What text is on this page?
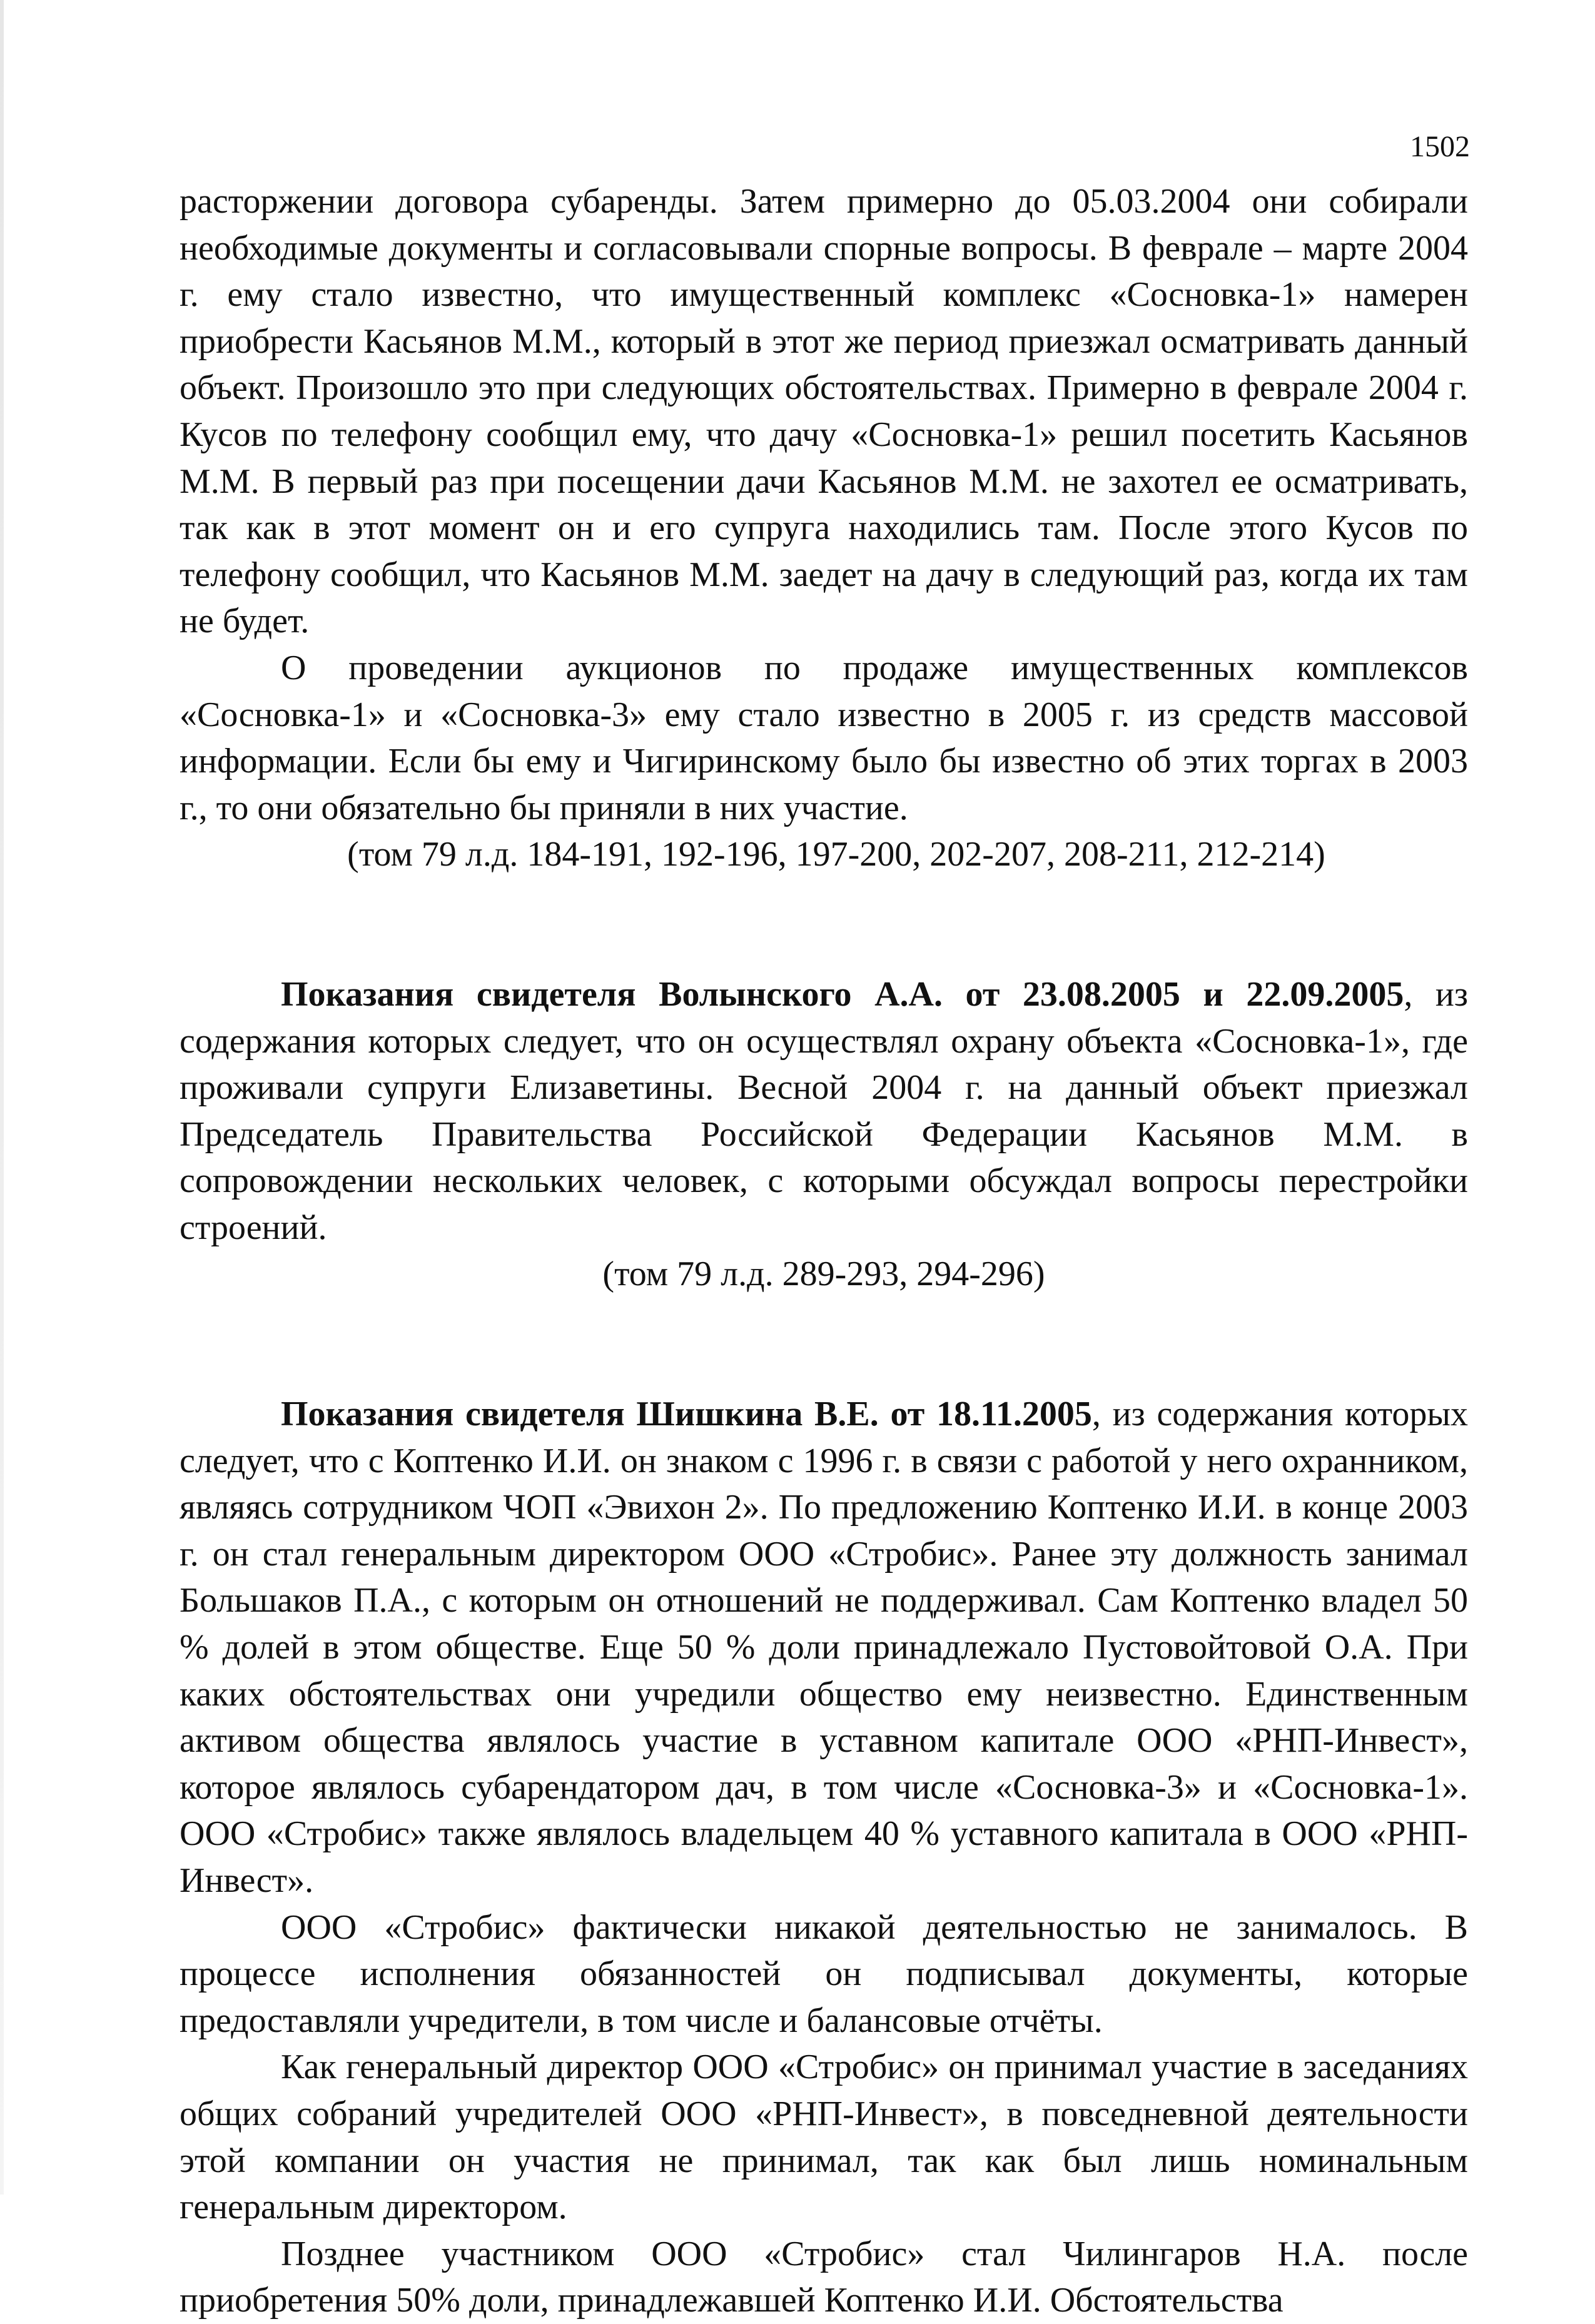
1502

расторжении договора субаренды. Затем примерно до 05.03.2004 они собирали необходимые документы и согласовывали спорные вопросы. В феврале – марте 2004 г. ему стало известно, что имущественный комплекс «Сосновка-1» намерен приобрести Касьянов М.М., который в этот же период приезжал осматривать данный объект. Произошло это при следующих обстоятельствах. Примерно в феврале 2004 г. Кусов по телефону сообщил ему, что дачу «Сосновка-1» решил посетить Касьянов М.М. В первый раз при посещении дачи Касьянов М.М. не захотел ее осматривать, так как в этот момент он и его супруга находились там. После этого Кусов по телефону сообщил, что Касьянов М.М. заедет на дачу в следующий раз, когда их там не будет.

О проведении аукционов по продаже имущественных комплексов «Сосновка-1» и «Сосновка-3» ему стало известно в 2005 г. из средств массовой информации. Если бы ему и Чигиринскому было бы известно об этих торгах в 2003 г., то они обязательно бы приняли в них участие.

(том 79 л.д. 184-191, 192-196, 197-200, 202-207, 208-211, 212-214)

Показания свидетеля Волынского А.А. от 23.08.2005 и 22.09.2005, из содержания которых следует, что он осуществлял охрану объекта «Сосновка-1», где проживали супруги Елизаветины. Весной 2004 г. на данный объект приезжал Председатель Правительства Российской Федерации Касьянов М.М. в сопровождении нескольких человек, с которыми обсуждал вопросы перестройки строений.

(том 79 л.д. 289-293, 294-296)

Показания свидетеля Шишкина В.Е. от 18.11.2005, из содержания которых следует, что с Коптенко И.И. он знаком с 1996 г. в связи с работой у него охранником, являясь сотрудником ЧОП «Эвихон 2». По предложению Коптенко И.И. в конце 2003 г. он стал генеральным директором ООО «Стробис». Ранее эту должность занимал Большаков П.А., с которым он отношений не поддерживал. Сам Коптенко владел 50 % долей в этом обществе. Еще 50 % доли принадлежало Пустовойтовой О.А. При каких обстоятельствах они учредили общество ему неизвестно. Единственным активом общества являлось участие в уставном капитале ООО «РНП-Инвест», которое являлось субарендатором дач, в том числе «Сосновка-3» и «Сосновка-1». ООО «Стробис» также являлось владельцем 40 % уставного капитала в ООО «РНП-Инвест».

ООО «Стробис» фактически никакой деятельностью не занималось. В процессе исполнения обязанностей он подписывал документы, которые предоставляли учредители, в том числе и балансовые отчёты.

Как генеральный директор ООО «Стробис» он принимал участие в заседаниях общих собраний учредителей ООО «РНП-Инвест», в повседневной деятельности этой компании он участия не принимал, так как был лишь номинальным генеральным директором.

Позднее участником ООО «Стробис» стал Чилингаров Н.А. после приобретения 50% доли, принадлежавшей Коптенко И.И. Обстоятельства
